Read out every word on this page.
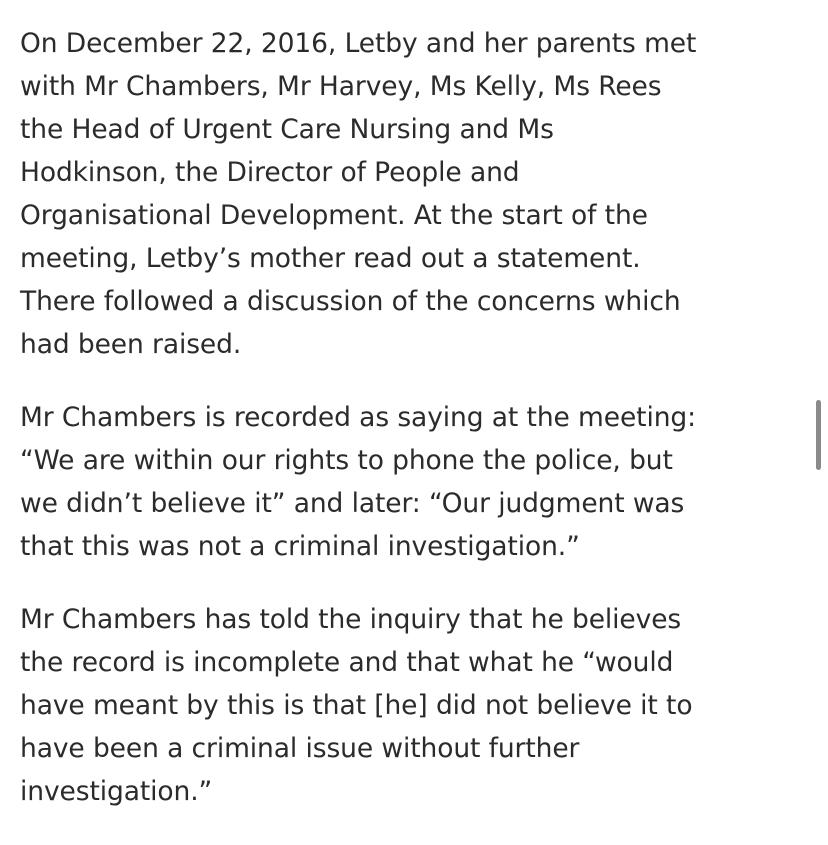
On December 22, 2016, Letby and her parents met
with Mr Chambers, Mr Harvey, Ms Kelly, Ms Rees
the Head of Urgent Care Nursing and Ms
Hodkinson, the Director of People and
Organisational Development. At the start of the
meeting, Letby’s mother read out a statement.
There followed a discussion of the concerns which
had been raised.

Mr Chambers is recorded as saying at the meeting:
“We are within our rights to phone the police, but
we didn’t believe it” and later: “Our judgment was
that this was not a criminal investigation.”

Mr Chambers has told the inquiry that he believes
the record is incomplete and that what he “would
have meant by this is that [he] did not believe it to
have been a criminal issue without further
investigation.”
